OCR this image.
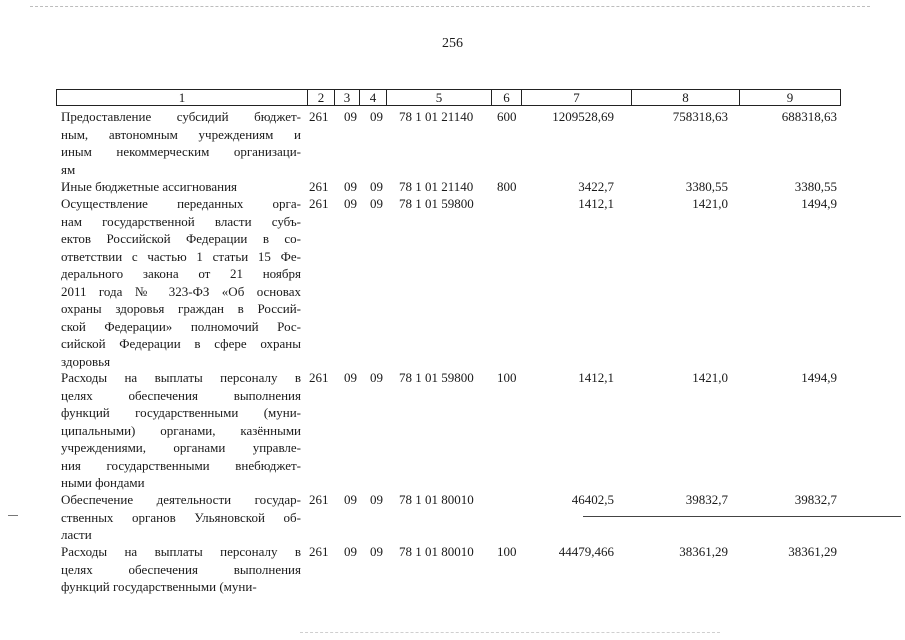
256
1	2	3	4	5	6	7	8	9
Предоставление субсидий бюджет-
ным, автономным учреждениям и
иным некоммерческим организаци-
ям
261 09 09 78 1 01 21140 600	1209528,69	758318,63	688318,63
Иные бюджетные ассигнования	261 09 09 78 1 01 21140 800	3422,7	3380,55	3380,55
Осуществление переданных орга-
нам государственной власти субъ-
ектов Российской Федерации в со-
ответствии с частью 1 статьи 15 Фе-
дерального закона от 21 ноября
2011 года № 323-ФЗ «Об основах
охраны здоровья граждан в Россий-
ской Федерации» полномочий Рос-
сийской Федерации в сфере охраны
здоровья
261 09 09 78 1 01 59800	1412,1	1421,0	1494,9
Расходы на выплаты персоналу в
целях обеспечения выполнения
функций государственными (муни-
ципальными) органами, казёнными
учреждениями, органами управле-
ния государственными внебюджет-
ными фондами
261 09 09 78 1 01 59800 100	1412,1	1421,0	1494,9
Обеспечение деятельности государ-
ственных органов Ульяновской об-
ласти
261 09 09 78 1 01 80010	46402,5	39832,7	39832,7
Расходы на выплаты персоналу в
целях обеспечения выполнения
функций государственными (муни-
261 09 09 78 1 01 80010 100	44479,466	38361,29	38361,29
